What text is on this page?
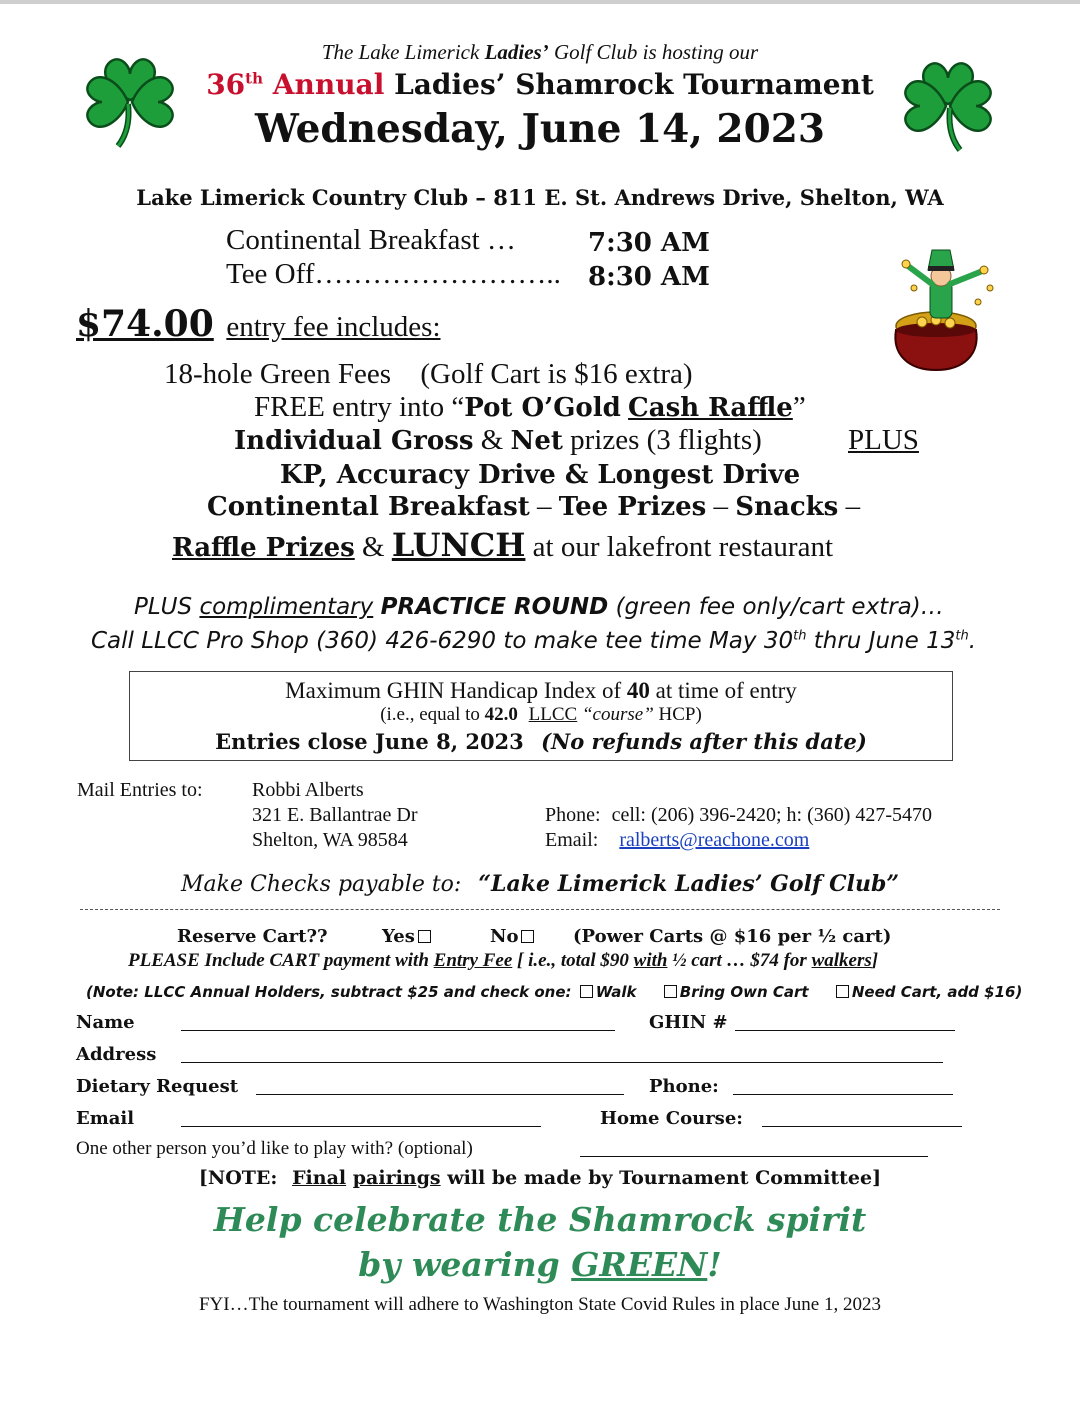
The Lake Limerick Ladies’ Golf Club is hosting our
36th Annual Ladies’ Shamrock Tournament
Wednesday, June 14, 2023
Lake Limerick Country Club – 811 E. St. Andrews Drive, Shelton, WA
Continental Breakfast …	7:30 AM
Tee Off…………………….. 8:30 AM
$74.00 entry fee includes:
18-hole Green Fees (Golf Cart is $16 extra)
FREE entry into “Pot O’Gold Cash Raffle”
Individual Gross & Net prizes (3 flights)	PLUS
KP, Accuracy Drive & Longest Drive
Continental Breakfast – Tee Prizes – Snacks –
Raffle Prizes & LUNCH at our lakefront restaurant
PLUS complimentary PRACTICE ROUND (green fee only/cart extra)…
Call LLCC Pro Shop (360) 426-6290 to make tee time May 30th thru June 13th.
Maximum GHIN Handicap Index of 40 at time of entry
(i.e., equal to 42.0 LLCC “course” HCP)
Entries close June 8, 2023 (No refunds after this date)
Mail Entries to: Robbi Alberts
321 E. Ballantrae Dr
Shelton, WA 98584
Phone: cell: (206) 396-2420; h: (360) 427-5470
Email: ralberts@reachone.com
Make Checks payable to: “Lake Limerick Ladies’ Golf Club”
Reserve Cart??	Yes	No	(Power Carts @ $16 per ½ cart)
PLEASE Include CART payment with Entry Fee [ i.e., total $90 with ½ cart … $74 for walkers]
(Note: LLCC Annual Holders, subtract $25 and check one: Walk	Bring Own Cart	Need Cart, add $16)
Name	GHIN #
Address
Dietary Request	Phone:
Email	Home Course:
One other person you’d like to play with? (optional)
[NOTE: Final pairings will be made by Tournament Committee]
Help celebrate the Shamrock spirit
by wearing GREEN!
FYI…The tournament will adhere to Washington State Covid Rules in place June 1, 2023
